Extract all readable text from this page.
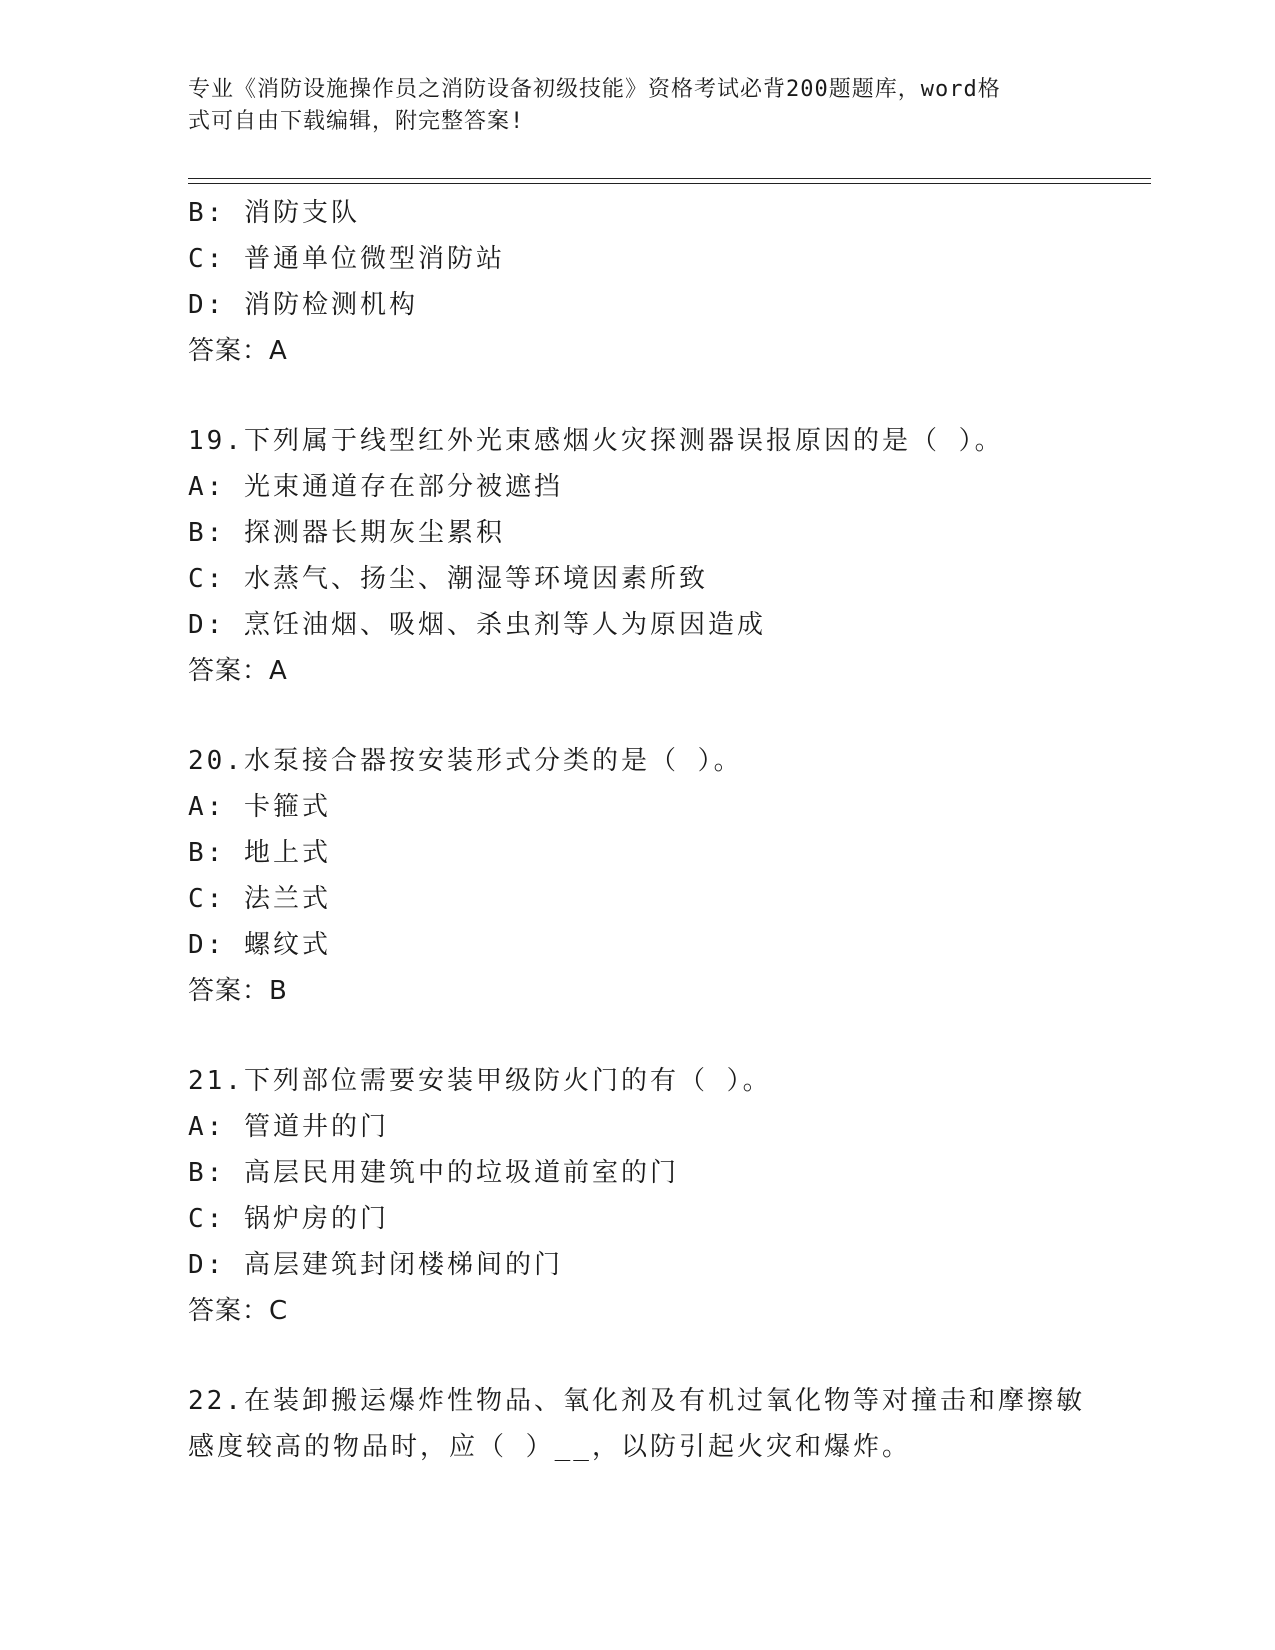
专业《消防设施操作员之消防设备初级技能》资格考试必背200题题库，word格
式可自由下载编辑，附完整答案!
B: 消防支队
C: 普通单位微型消防站
D: 消防检测机构
答案：A
19.下列属于线型红外光束感烟火灾探测器误报原因的是（ ）。
A: 光束通道存在部分被遮挡
B: 探测器长期灰尘累积
C: 水蒸气、扬尘、潮湿等环境因素所致
D: 烹饪油烟、吸烟、杀虫剂等人为原因造成
答案：A
20.水泵接合器按安装形式分类的是（ ）。
A: 卡箍式
B: 地上式
C: 法兰式
D: 螺纹式
答案：B
21.下列部位需要安装甲级防火门的有（ ）。
A: 管道井的门
B: 高层民用建筑中的垃圾道前室的门
C: 锅炉房的门
D: 高层建筑封闭楼梯间的门
答案：C
22.在装卸搬运爆炸性物品、氧化剂及有机过氧化物等对撞击和摩擦敏
感度较高的物品时，应（ ）__，以防引起火灾和爆炸。
